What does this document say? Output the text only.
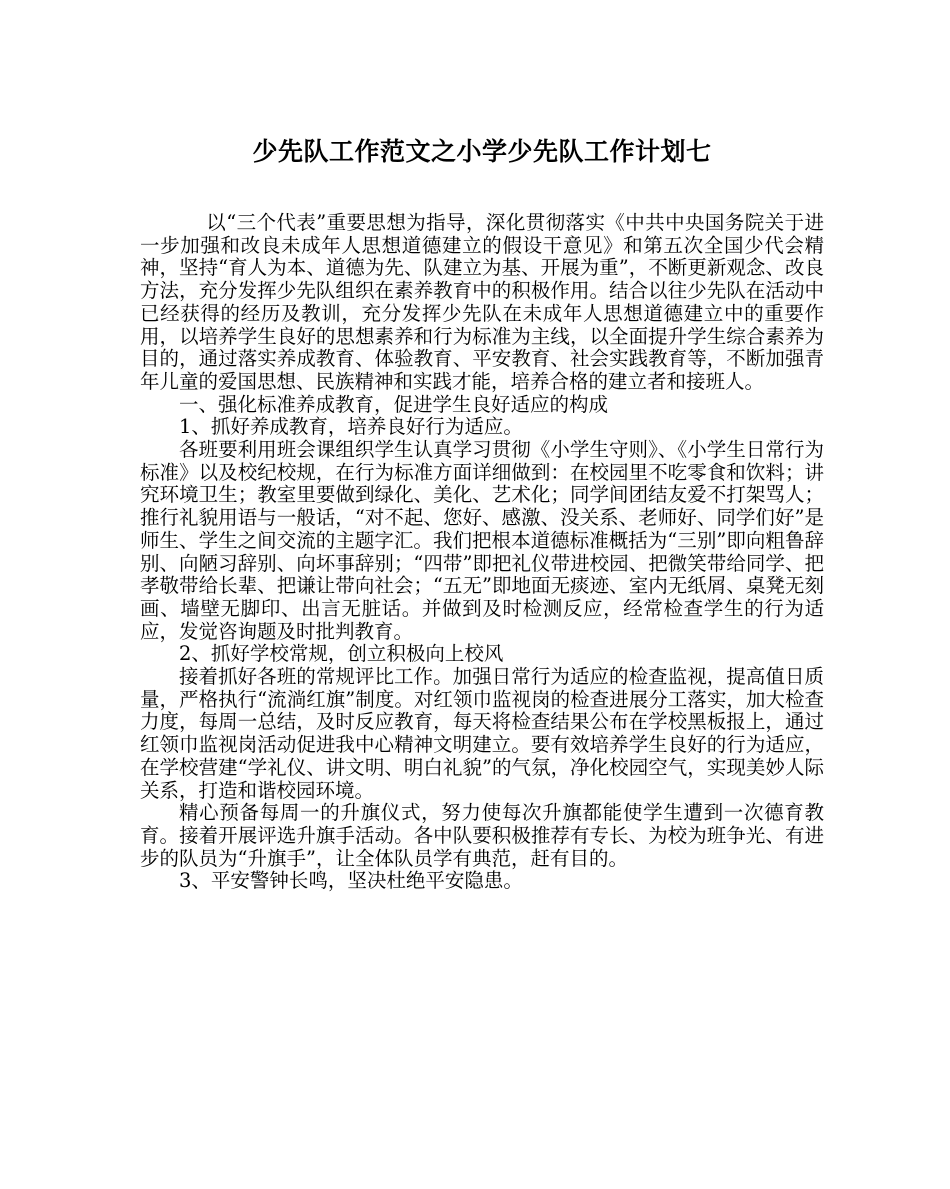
少先队工作范文之小学少先队工作计划七

以“三个代表”重要思想为指导，深化贯彻落实《中共中央国务院关于进一步加强和改良未成年人思想道德建立的假设干意见》和第五次全国少代会精神，坚持“育人为本、道德为先、队建立为基、开展为重”，不断更新观念、改良方法，充分发挥少先队组织在素养教育中的积极作用。结合以往少先队在活动中已经获得的经历及教训，充分发挥少先队在未成年人思想道德建立中的重要作用，以培养学生良好的思想素养和行为标准为主线，以全面提升学生综合素养为目的，通过落实养成教育、体验教育、平安教育、社会实践教育等，不断加强青年儿童的爱国思想、民族精神和实践才能，培养合格的建立者和接班人。

一、强化标准养成教育，促进学生良好适应的构成

1、抓好养成教育，培养良好行为适应。

各班要利用班会课组织学生认真学习贯彻《小学生守则》、《小学生日常行为标准》以及校纪校规，在行为标准方面详细做到：在校园里不吃零食和饮料；讲究环境卫生；教室里要做到绿化、美化、艺术化；同学间团结友爱不打架骂人；推行礼貌用语与一般话，“对不起、您好、感激、没关系、老师好、同学们好”是师生、学生之间交流的主题字汇。我们把根本道德标准概括为“三别”即向粗鲁辞别、向陋习辞别、向坏事辞别；“四带”即把礼仪带进校园、把微笑带给同学、把孝敬带给长辈、把谦让带向社会；“五无”即地面无痰迹、室内无纸屑、桌凳无刻画、墙壁无脚印、出言无脏话。并做到及时检测反应，经常检查学生的行为适应，发觉咨询题及时批判教育。

2、抓好学校常规，创立积极向上校风

接着抓好各班的常规评比工作。加强日常行为适应的检查监视，提高值日质量，严格执行“流淌红旗”制度。对红领巾监视岗的检查进展分工落实，加大检查力度，每周一总结，及时反应教育，每天将检查结果公布在学校黑板报上，通过红领巾监视岗活动促进我中心精神文明建立。要有效培养学生良好的行为适应，在学校营建“学礼仪、讲文明、明白礼貌”的气氛，净化校园空气，实现美妙人际关系，打造和谐校园环境。

精心预备每周一的升旗仪式，努力使每次升旗都能使学生遭到一次德育教育。接着开展评选升旗手活动。各中队要积极推荐有专长、为校为班争光、有进步的队员为“升旗手”，让全体队员学有典范，赶有目的。

3、平安警钟长鸣，坚决杜绝平安隐患。
